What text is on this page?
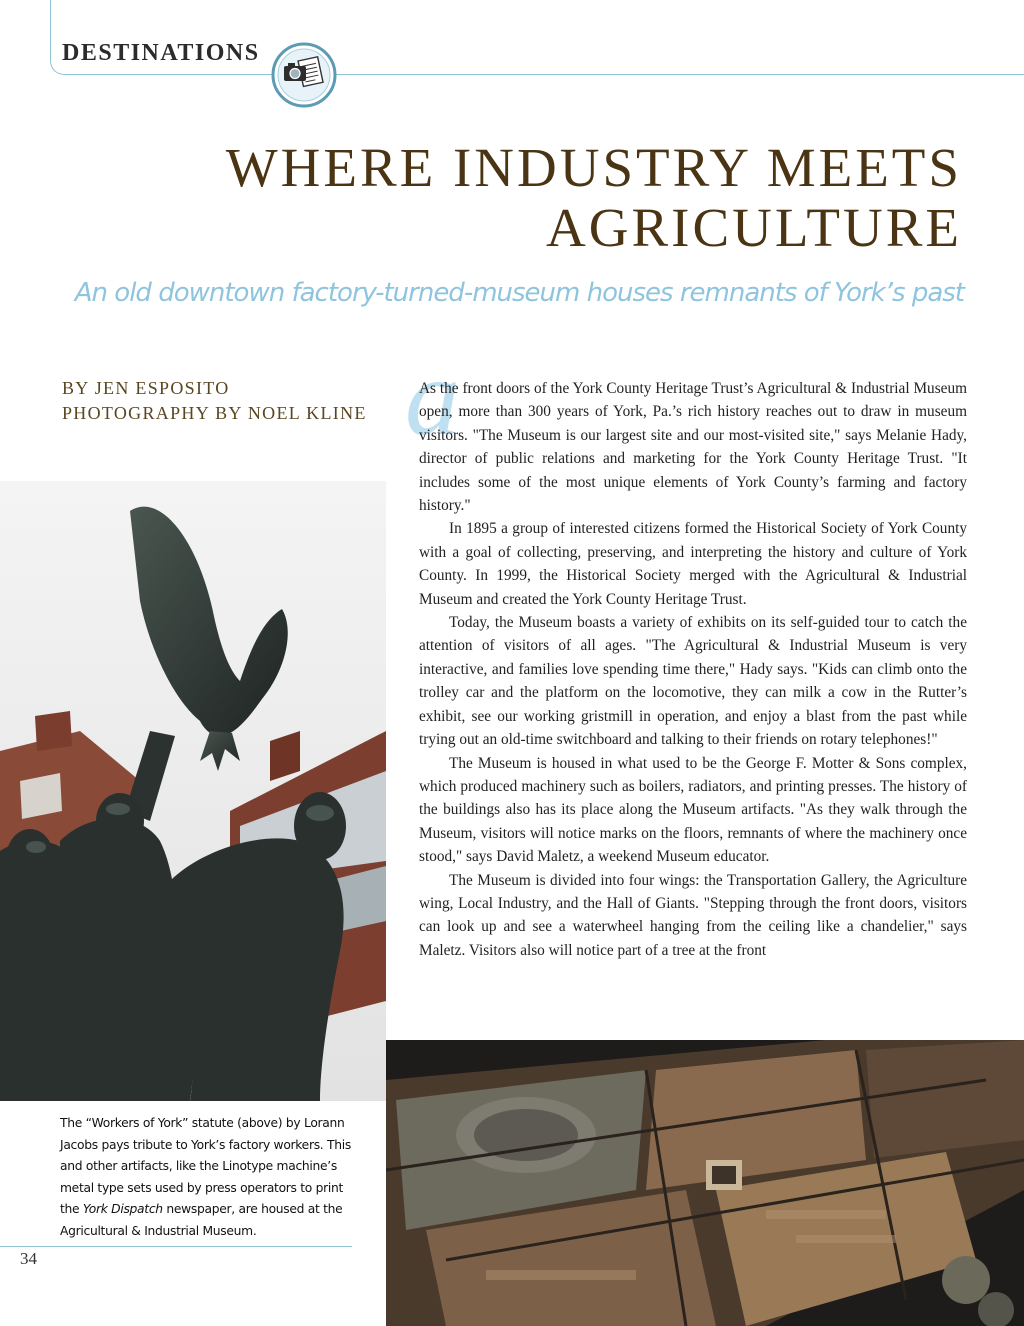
DESTINATIONS
WHERE INDUSTRY MEETS
AGRICULTURE

An old downtown factory-turned-museum houses remnants of York’s past

BY JEN ESPOSITO
PHOTOGRAPHY BY NOEL KLINE a

As the front doors of the York County Heritage Trust’s Agricultural & Industrial Museum open, more than 300 years of York, Pa.’s rich history reaches out to draw in museum visitors. "The Museum is our largest site and our most-visited site," says Melanie Hady, director of public relations and marketing for the York County Heritage Trust. "It includes some of the most unique elements of York County’s farming and factory history."

In 1895 a group of interested citizens formed the Historical Society of York County with a goal of collecting, preserving, and interpreting the history and culture of York County. In 1999, the Historical Society merged with the Agricultural & Industrial Museum and created the York County Heritage Trust.

Today, the Museum boasts a variety of exhibits on its self-guided tour to catch the attention of visitors of all ages. "The Agricultural & Industrial Museum is very interactive, and families love spending time there," Hady says. "Kids can climb onto the trolley car and the platform on the locomotive, they can milk a cow in the Rutter’s exhibit, see our working gristmill in operation, and enjoy a blast from the past while trying out an old-time switchboard and talking to their friends on rotary telephones!"

The Museum is housed in what used to be the George F. Motter & Sons complex, which produced machinery such as boilers, radiators, and printing presses. The history of the buildings also has its place along the Museum artifacts. "As they walk through the Museum, visitors will notice marks on the floors, remnants of where the machinery once stood," says David Maletz, a weekend Museum educator.

The Museum is divided into four wings: the Transportation Gallery, the Agriculture wing, Local Industry, and the Hall of Giants. "Stepping through the front doors, visitors can look up and see a waterwheel hanging from the ceiling like a chandelier," says Maletz. Visitors also will notice part of a tree at the front

The “Workers of York” statute (above) by Lorann Jacobs pays tribute to York’s factory workers. This and other artifacts, like the Linotype machine’s metal type sets used by press operators to print the York Dispatch newspaper, are housed at the Agricultural & Industrial Museum.

34
